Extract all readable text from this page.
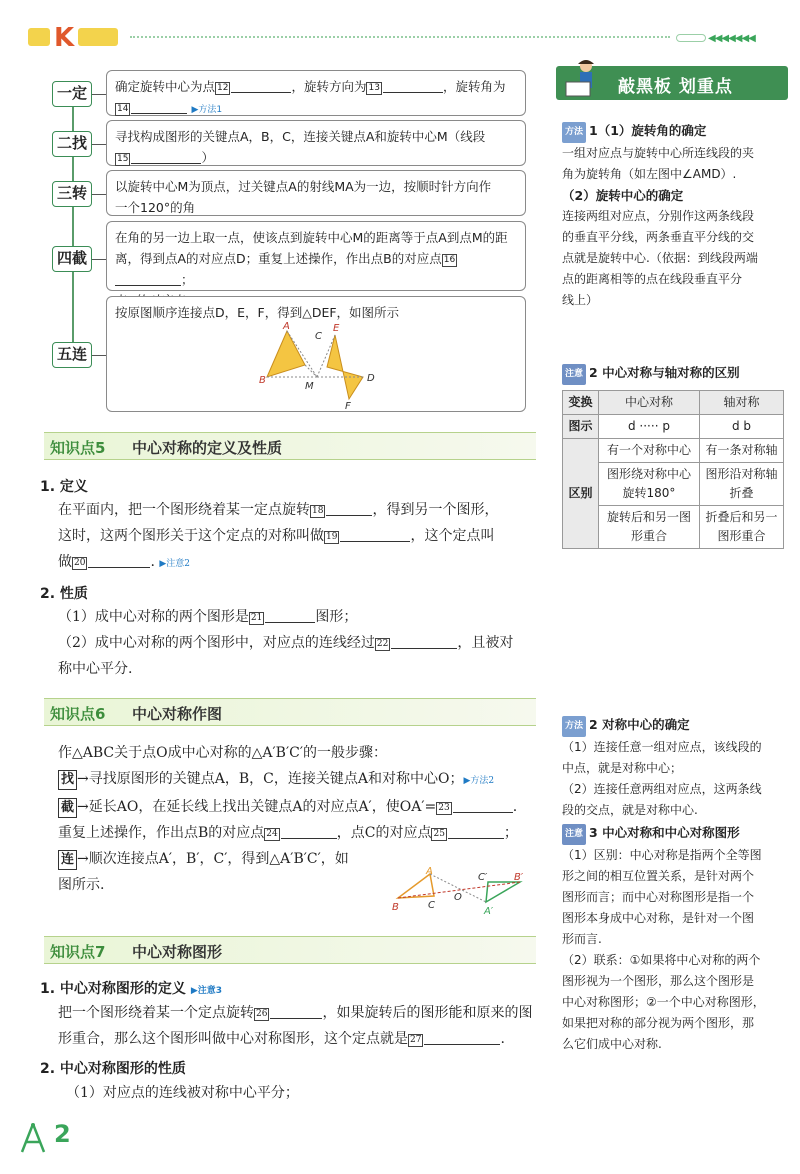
K	◀◀◀◀◀◀◀
一定
二找
三转
四截
五连
确定旋转中心为点 12	，旋转方向为 13	，旋转角为
14	▶方法1
寻找构成图形的关键点A，B，C，连接关键点A和旋转中心M（线段
15	）
以旋转中心M为顶点，过关键点A的射线MA为一边，按顺时针方向作
一个120°的角
在角的另一边上取一点，使该点到旋转中心M的距离等于点A到点M的距
离，得到点A的对应点D；重复上述操作，作出点B的对应点 16；

按原图顺序连接点D，E，F，得到△DEF，如图所示
A
C
E
B
M
D
F
知识点5 中心对称的定义及性质
1. 定义
在平面内，把一个图形绕着某一定点旋转 18	，得到另一个图形，
这时，这两个图形关于这个定点的对称叫做 19	，这个定点叫
做 20	. ▶注意2
2. 性质
（1）成中心对称的两个图形是 21	图形；
（2）成中心对称的两个图形中，对应点的连线经过 22	，且被对
称中心平分.
知识点6 中心对称作图
作△ABC关于点O成中心对称的△A′B′C′的一般步骤：
找 →寻找原图形的关键点A，B，C，连接关键点A和对称中心O；▶方法2
截 →延长AO，在延长线上找出关键点A的对应点A′，使OA′= 23	.
重复上述操作，作出点B的对应点 24	，点C的对应点 25	；
连 →顺次连接点A′，B′，C′，得到△A′B′C′，如
图所示.
A
C′	B′
B	C
O
A′
知识点7 中心对称图形
1. 中心对称图形的定义 ▶注意3
把一个图形绕着某一个定点旋转 26	，如果旋转后的图形能和原来的图
形重合，那么这个图形叫做中心对称图形，这个定点就是 27	.
2. 中心对称图形的性质
（1）对应点的连线被对称中心平分；
敲黑板 划重点
方法 1（1）旋转角的确定
一组对应点与旋转中心所连线段的夹
角为旋转角（如左图中∠AMD）.
（2）旋转中心的确定
连接两组对应点，分别作这两条线段
的垂直平分线，两条垂直平分线的交
点就是旋转中心.（依据：到线段两端
点的距离相等的点在线段垂直平分
线上）
注意 2 中心对称与轴对称的区别
变换	中心对称	轴对称
图示	d ····· p	d b
区别	有一个对称中心	有一条对称轴
	图形绕对称中心旋转180°	图形沿对称轴折叠
	旋转后和另一图形重合	折叠后和另一图形重合
方法 2 对称中心的确定
（1）连接任意一组对应点，该线段的
中点，就是对称中心；
（2）连接任意两组对应点，这两条线
段的交点，就是对称中心.
注意 3 中心对称和中心对称图形
（1）区别：中心对称是指两个全等图
形之间的相互位置关系，是针对两个
图形而言；而中心对称图形是指一个
图形本身成中心对称，是针对一个图
形而言.
（2）联系：①如果将中心对称的两个
图形视为一个图形，那么这个图形是
中心对称图形；②一个中心对称图形，
如果把对称的部分视为两个图形，那
么它们成中心对称.
2
